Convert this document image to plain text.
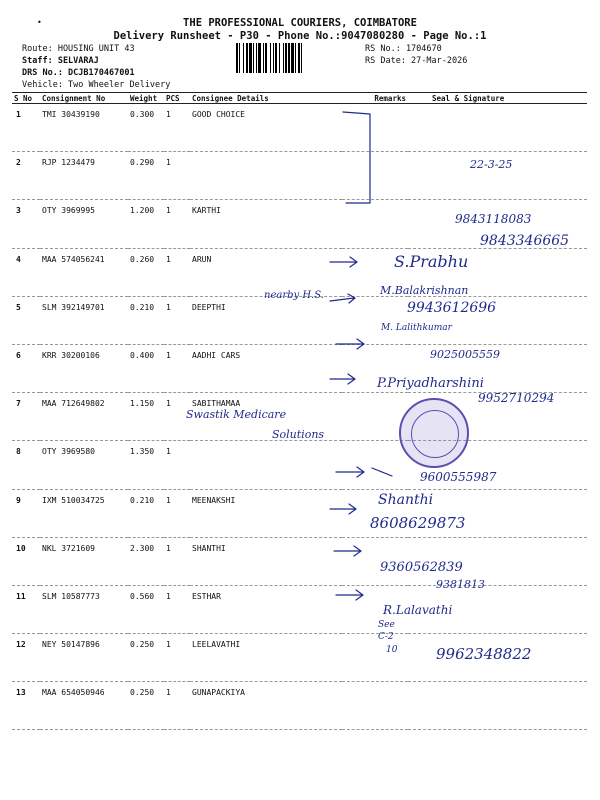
•	THE PROFESSIONAL COURIERS, COIMBATORE
Delivery Runsheet - P30 - Phone No.:9047080280 - Page No.:1
Route: HOUSING UNIT 43
Staff: SELVARAJ
DRS No.: DCJB170467001
Vehicle: Two Wheeler Delivery
RS No.: 1704670
RS Date: 27-Mar-2026
S No	Consignment No	Weight	PCS	Consignee Details	Remarks	Seal & Signature
1	TMI 30439190	0.300	1	GOOD CHOICE		
2	RJP 1234479	0.290	1			
3	OTY 3969995	1.200	1	KARTHI		
4	MAA 574056241	0.260	1	ARUN		
5	SLM 392149701	0.210	1	DEEPTHI		
6	KRR 30200106	0.400	1	AADHI CARS		
7	MAA 712649802	1.150	1	SABITHAMAA		
8	OTY 3969580	1.350	1			
9	IXM 510034725	0.210	1	MEENAKSHI		
10	NKL 3721609	2.300	1	SHANTHI		
11	SLM 10587773	0.560	1	ESTHAR		
12	NEY 50147896	0.250	1	LEELAVATHI		
13	MAA 654050946	0.250	1	GUNAPACKIYA		
22-3-25
9843118083
9843346665
S.Prabhu
nearby H.S.	M.Balakrishnan
9943612696
M. Lalithkumar
9025005559
P.Priyadharshini
9952710294
Swastik Medicare
Solutions
9600555987
Shanthi
8608629873
9360562839
9381813
R.Lalavathi
See
C-2
10	9962348822
